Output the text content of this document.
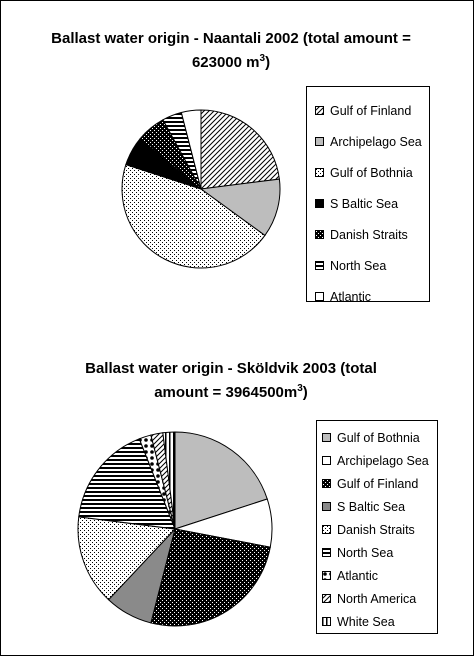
Ballast water origin - Naantali 2002 (total amount =
623000 $m^3$)
Gulf of Finland
Archipelago Sea
Gulf of Bothnia
S Baltic Sea
Danish Straits
North Sea
Atlantic
Ballast water origin - Sköldvik 2003 (total
amount = $3964500m^3$)
Gulf of Bothnia
Archipelago Sea
Gulf of Finland
S Baltic Sea
Danish Straits
North Sea
Atlantic
North America
White Sea
